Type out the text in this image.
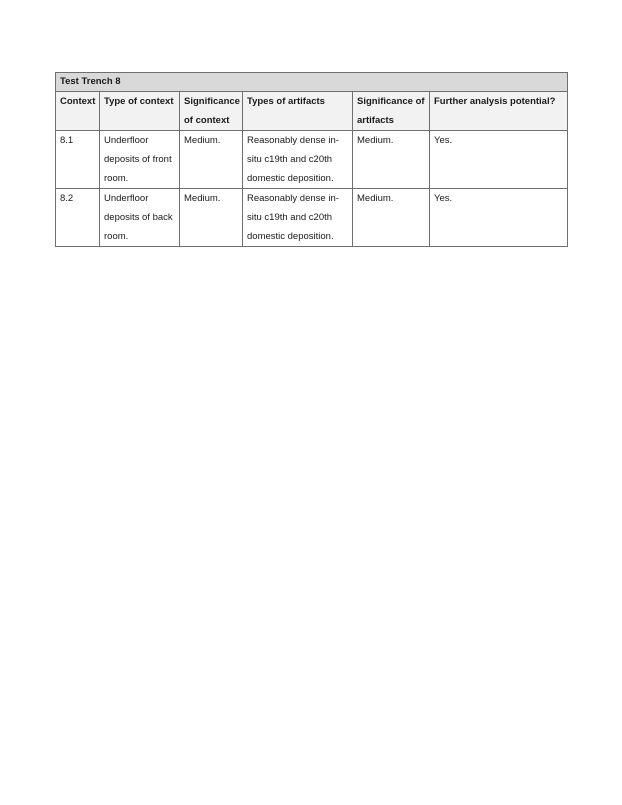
Test Trench 8					
Context	Type of context	Significance of context	Types of artifacts	Significance of artifacts	Further analysis potential?
8.1	Underfloor deposits of front room.	Medium.	Reasonably dense in-situ c19th and c20th domestic deposition.	Medium.	Yes.
8.2	Underfloor deposits of back room.	Medium.	Reasonably dense in-situ c19th and c20th domestic deposition.	Medium.	Yes.
